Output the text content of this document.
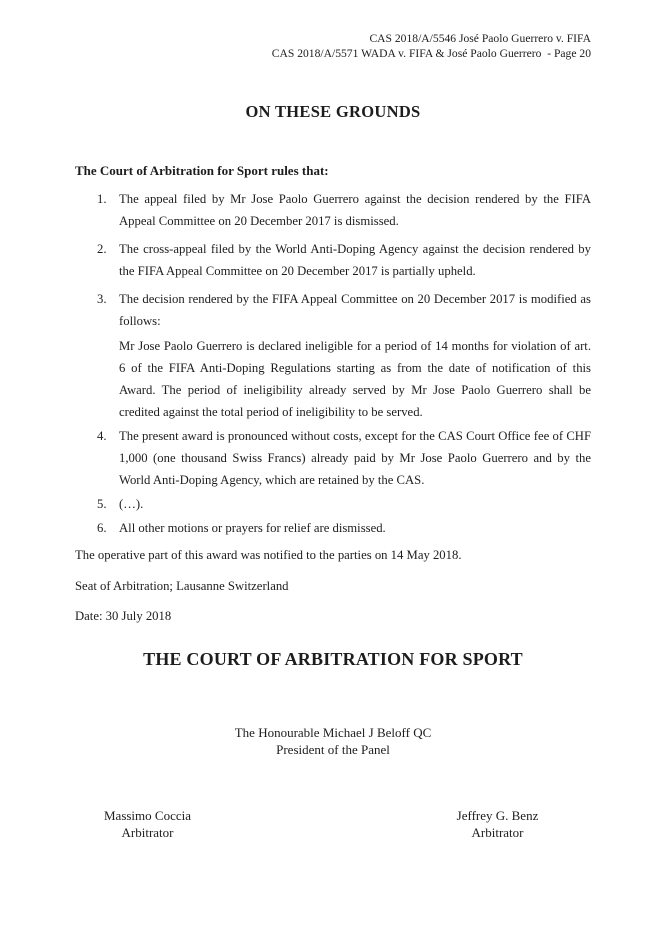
CAS 2018/A/5546 José Paolo Guerrero v. FIFA
CAS 2018/A/5571 WADA v. FIFA & José Paolo Guerrero  - Page 20
ON THESE GROUNDS

The Court of Arbitration for Sport rules that:

1. The appeal filed by Mr Jose Paolo Guerrero against the decision rendered by the FIFA Appeal Committee on 20 December 2017 is dismissed.
2. The cross-appeal filed by the World Anti-Doping Agency against the decision rendered by the FIFA Appeal Committee on 20 December 2017 is partially upheld.
3. The decision rendered by the FIFA Appeal Committee on 20 December 2017 is modified as follows:

Mr Jose Paolo Guerrero is declared ineligible for a period of 14 months for violation of art. 6 of the FIFA Anti-Doping Regulations starting as from the date of notification of this Award. The period of ineligibility already served by Mr Jose Paolo Guerrero shall be credited against the total period of ineligibility to be served.

4. The present award is pronounced without costs, except for the CAS Court Office fee of CHF 1,000 (one thousand Swiss Francs) already paid by Mr Jose Paolo Guerrero and by the World Anti-Doping Agency, which are retained by the CAS.
5. (…).
6. All other motions or prayers for relief are dismissed.

The operative part of this award was notified to the parties on 14 May 2018.

Seat of Arbitration; Lausanne Switzerland

Date: 30 July 2018

THE COURT OF ARBITRATION FOR SPORT
The Honourable Michael J Beloff QC
President of the Panel
Massimo Coccia
Arbitrator
Jeffrey G. Benz
Arbitrator
